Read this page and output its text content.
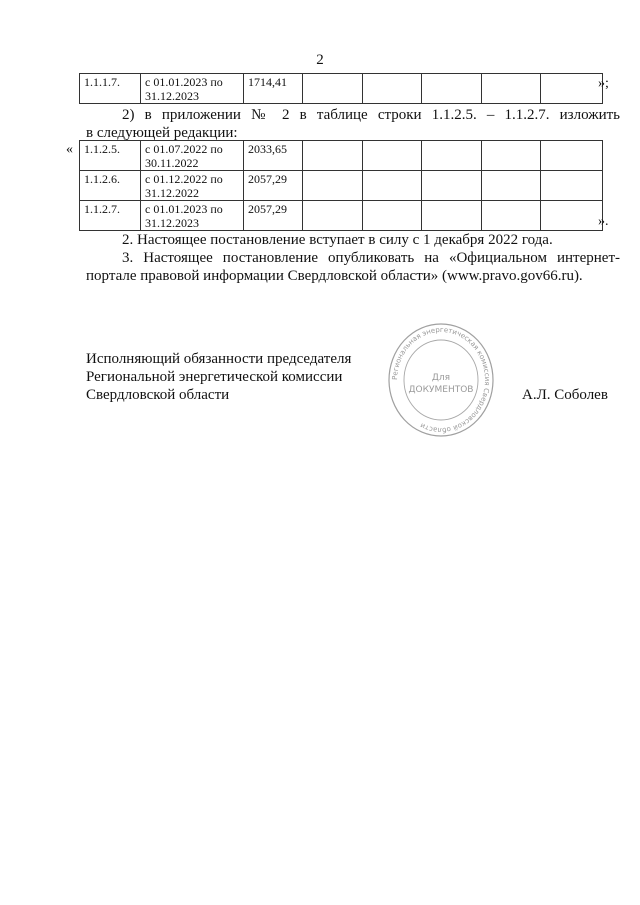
2
1.1.1.7.	с 01.01.2023 по
31.12.2023
	1714,41						»;
2) в приложении № 2 в таблице строки 1.1.2.5. – 1.1.2.7. изложить
в следующей редакции:
« 1.1.2.5.	с 01.07.2022 по
30.11.2022	2033,65					
1.1.2.6.	с 01.12.2022 по
31.12.2022	2057,29					
1.1.2.7.	с 01.01.2023 по
31.12.2023	2057,29					
».
2. Настоящее постановление вступает в силу с 1 декабря 2022 года.
3. Настоящее постановление опубликовать на «Официальном интернет-
портале правовой информации Свердловской области» (www.pravo.gov66.ru).
Исполняющий обязанности председателя
Региональной энергетической комиссии
Свердловской области	А.Л. Соболев
Региональная энергетическая комиссия Свердловской области
Для
ДОКУМЕНТОВ
